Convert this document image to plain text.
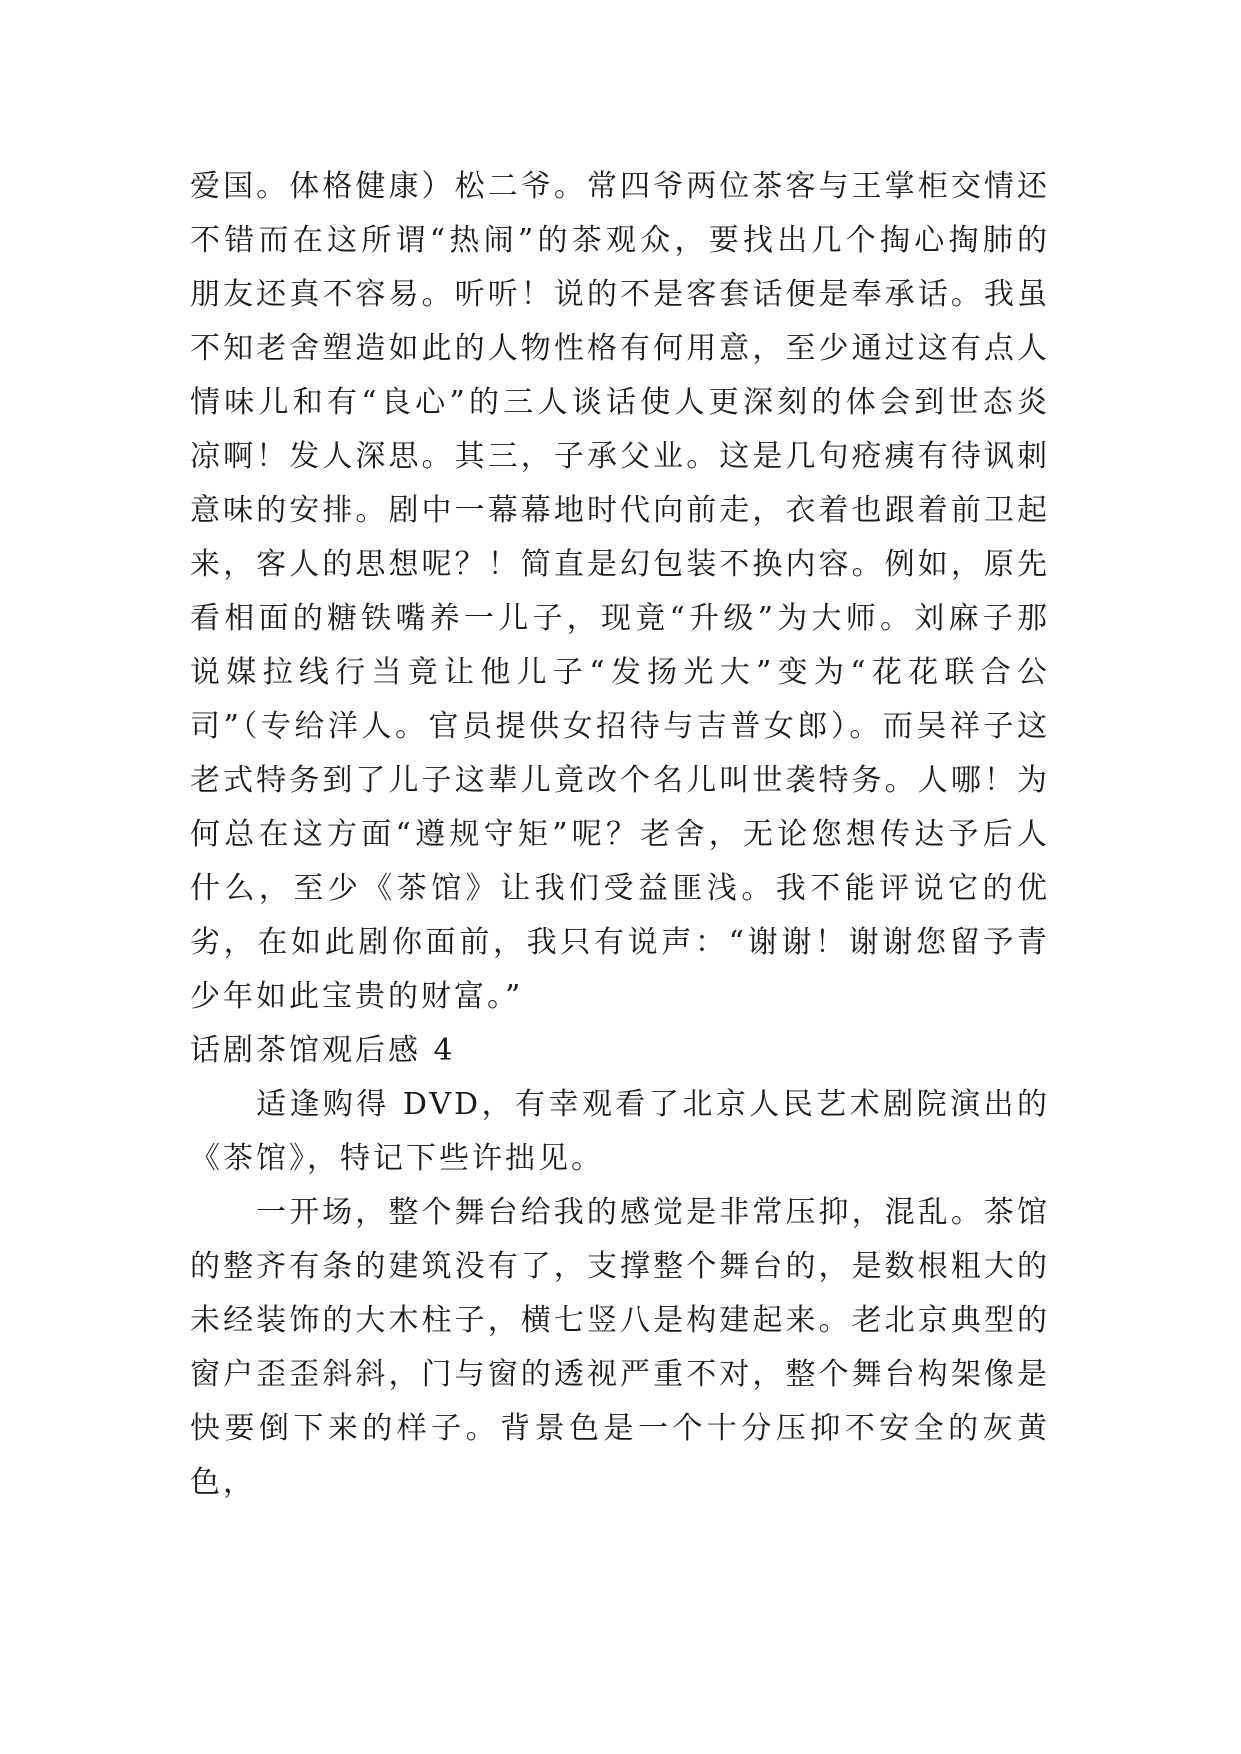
爱国。体格健康）松二爷。常四爷两位茶客与王掌柜交情还不错而在这所谓“热闹”的茶观众，要找出几个掏心掏肺的朋友还真不容易。听听！说的不是客套话便是奉承话。我虽不知老舍塑造如此的人物性格有何用意，至少通过这有点人情味儿和有“良心”的三人谈话使人更深刻的体会到世态炎凉啊！发人深思。其三，子承父业。这是几句疮痍有待讽刺意味的安排。剧中一幕幕地时代向前走，衣着也跟着前卫起来，客人的思想呢？！简直是幻包装不换内容。例如，原先看相面的糖铁嘴养一儿子，现竟“升级”为大师。刘麻子那说媒拉线行当竟让他儿子“发扬光大”变为“花花联合公司”（专给洋人。官员提供女招待与吉普女郎）。而吴祥子这老式特务到了儿子这辈儿竟改个名儿叫世袭特务。人哪！为何总在这方面“遵规守矩”呢？老舍，无论您想传达予后人什么，至少《茶馆》让我们受益匪浅。我不能评说它的优劣，在如此剧你面前，我只有说声：“谢谢！谢谢您留予青少年如此宝贵的财富。”

话剧茶馆观后感 4

适逢购得 DVD，有幸观看了北京人民艺术剧院演出的《茶馆》，特记下些许拙见。

一开场，整个舞台给我的感觉是非常压抑，混乱。茶馆的整齐有条的建筑没有了，支撑整个舞台的，是数根粗大的未经装饰的大木柱子，横七竖八是构建起来。老北京典型的窗户歪歪斜斜，门与窗的透视严重不对，整个舞台构架像是快要倒下来的样子。背景色是一个十分压抑不安全的灰黄色，
